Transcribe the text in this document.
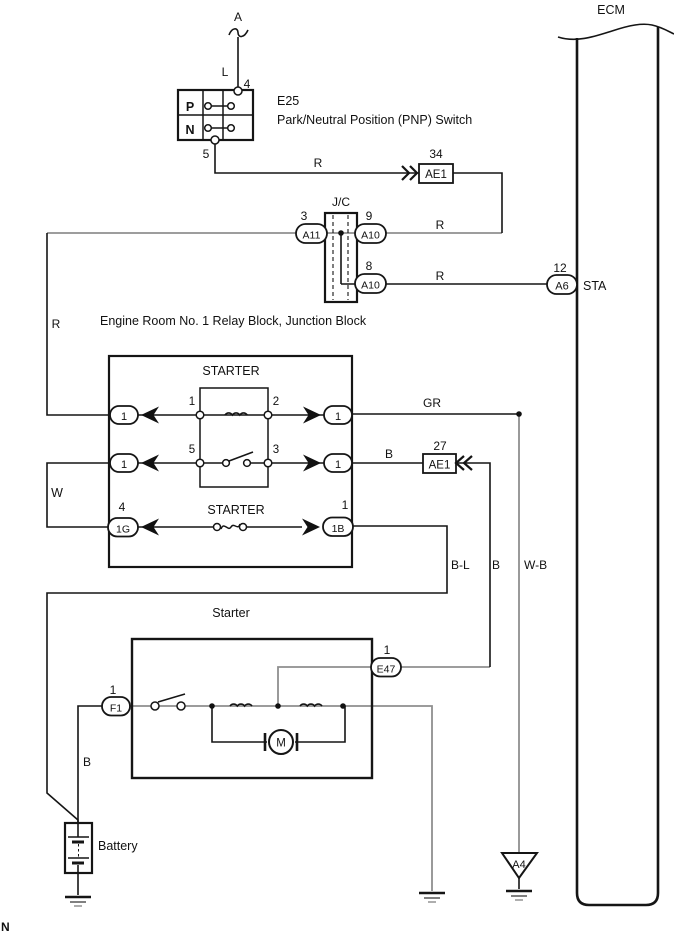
ECM
P
N
A
L
4
5
E25
Park/Neutral Position (PNP) Switch
R
34
AE1
J/C
A11	A10
A10
3	9
8
R
R
A6
12
STA
R
W
Engine Room No. 1 Relay Block, Junction Block
STARTER
1	1
1	2
1	1
5	3
STARTER
1G	1B
4	1
GR
B
27
AE1
B-L B W-B
Starter
M
F1
1
E47
1
B
Battery
A4
N
